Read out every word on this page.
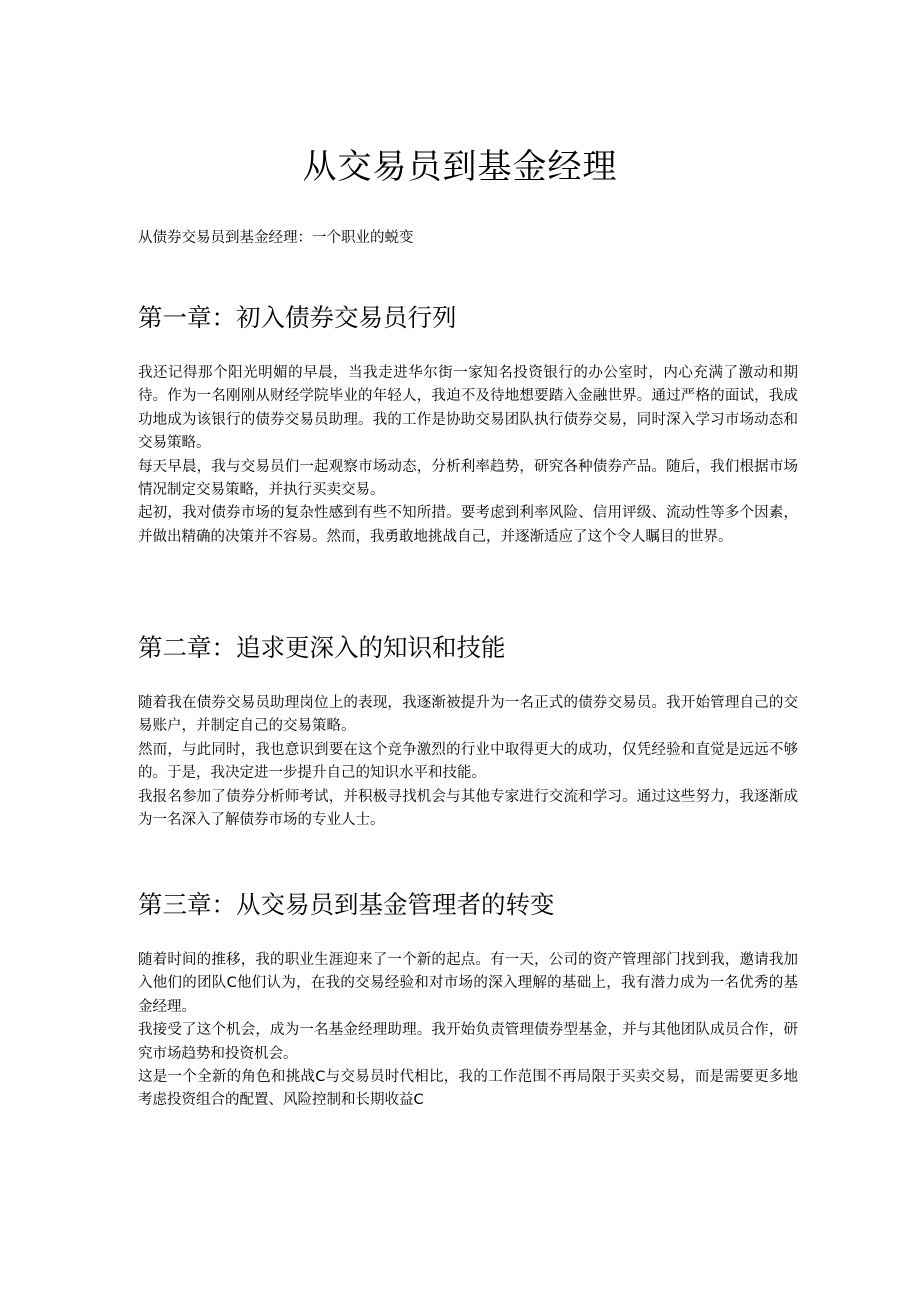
从交易员到基金经理

从债券交易员到基金经理：一个职业的蜕变

第一章：初入债券交易员行列

我还记得那个阳光明媚的早晨，当我走进华尔街一家知名投资银行的办公室时，内心充满了激动和期待。作为一名刚刚从财经学院毕业的年轻人，我迫不及待地想要踏入金融世界。通过严格的面试，我成功地成为该银行的债券交易员助理。我的工作是协助交易团队执行债券交易，同时深入学习市场动态和交易策略。

每天早晨，我与交易员们一起观察市场动态，分析利率趋势，研究各种债券产品。随后，我们根据市场情况制定交易策略，并执行买卖交易。

起初，我对债券市场的复杂性感到有些不知所措。要考虑到利率风险、信用评级、流动性等多个因素，并做出精确的决策并不容易。然而，我勇敢地挑战自己，并逐渐适应了这个令人瞩目的世界。

第二章：追求更深入的知识和技能

随着我在债券交易员助理岗位上的表现，我逐渐被提升为一名正式的债券交易员。我开始管理自己的交易账户，并制定自己的交易策略。

然而，与此同时，我也意识到要在这个竞争激烈的行业中取得更大的成功，仅凭经验和直觉是远远不够的。于是，我决定进一步提升自己的知识水平和技能。

我报名参加了债券分析师考试，并积极寻找机会与其他专家进行交流和学习。通过这些努力，我逐渐成为一名深入了解债券市场的专业人士。

第三章：从交易员到基金管理者的转变

随着时间的推移，我的职业生涯迎来了一个新的起点。有一天，公司的资产管理部门找到我，邀请我加入他们的团队C他们认为，在我的交易经验和对市场的深入理解的基础上，我有潜力成为一名优秀的基金经理。

我接受了这个机会，成为一名基金经理助理。我开始负责管理债券型基金，并与其他团队成员合作，研究市场趋势和投资机会。

这是一个全新的角色和挑战C与交易员时代相比，我的工作范围不再局限于买卖交易，而是需要更多地考虑投资组合的配置、风险控制和长期收益C
